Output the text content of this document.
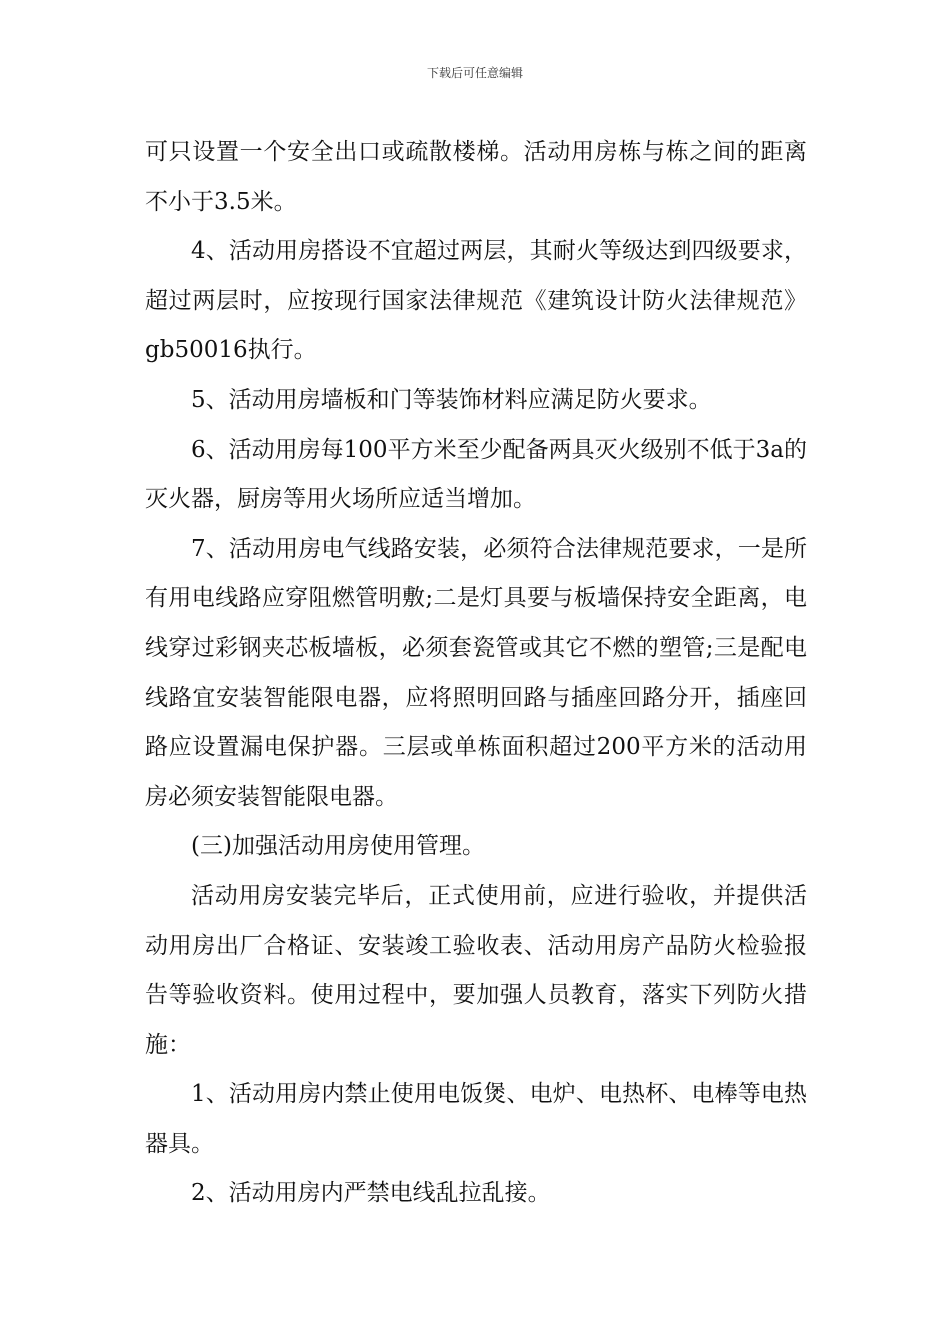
下载后可任意编辑

可只设置一个安全出口或疏散楼梯。活动用房栋与栋之间的距离不小于3.5米。

4、活动用房搭设不宜超过两层，其耐火等级达到四级要求，超过两层时，应按现行国家法律规范《建筑设计防火法律规范》gb50016执行。

5、活动用房墙板和门等装饰材料应满足防火要求。

6、活动用房每100平方米至少配备两具灭火级别不低于3a的灭火器，厨房等用火场所应适当增加。

7、活动用房电气线路安装，必须符合法律规范要求，一是所有用电线路应穿阻燃管明敷;二是灯具要与板墙保持安全距离，电线穿过彩钢夹芯板墙板，必须套瓷管或其它不燃的塑管;三是配电线路宜安装智能限电器，应将照明回路与插座回路分开，插座回路应设置漏电保护器。三层或单栋面积超过200平方米的活动用房必须安装智能限电器。

(三)加强活动用房使用管理。

活动用房安装完毕后，正式使用前，应进行验收，并提供活动用房出厂合格证、安装竣工验收表、活动用房产品防火检验报告等验收资料。使用过程中，要加强人员教育，落实下列防火措施：

1、活动用房内禁止使用电饭煲、电炉、电热杯、电棒等电热器具。

2、活动用房内严禁电线乱拉乱接。
